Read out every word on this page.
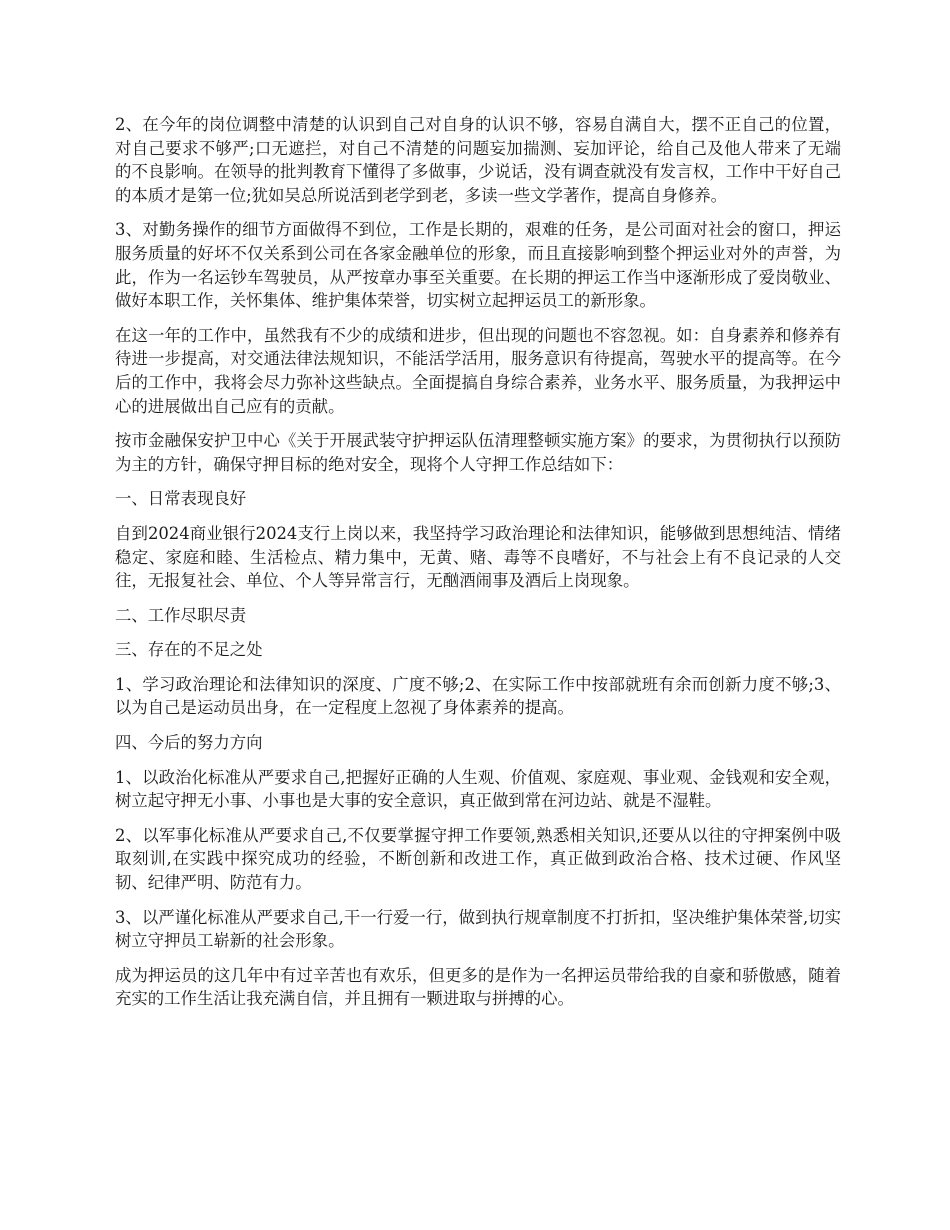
2、在今年的岗位调整中清楚的认识到自己对自身的认识不够，容易自满自大，摆不正自己的位置，对自己要求不够严;口无遮拦，对自己不清楚的问题妄加揣测、妄加评论，给自己及他人带来了无端的不良影响。在领导的批判教育下懂得了多做事，少说话，没有调查就没有发言权，工作中干好自己的本质才是第一位;犹如吴总所说活到老学到老，多读一些文学著作，提高自身修养。

3、对勤务操作的细节方面做得不到位，工作是长期的，艰难的任务，是公司面对社会的窗口，押运服务质量的好坏不仅关系到公司在各家金融单位的形象，而且直接影响到整个押运业对外的声誉，为此，作为一名运钞车驾驶员，从严按章办事至关重要。在长期的押运工作当中逐渐形成了爱岗敬业、做好本职工作，关怀集体、维护集体荣誉，切实树立起押运员工的新形象。

在这一年的工作中，虽然我有不少的成绩和进步，但出现的问题也不容忽视。如：自身素养和修养有待进一步提高，对交通法律法规知识，不能活学活用，服务意识有待提高，驾驶水平的提高等。在今后的工作中，我将会尽力弥补这些缺点。全面提搞自身综合素养，业务水平、服务质量，为我押运中心的进展做出自己应有的贡献。

按市金融保安护卫中心《关于开展武装守护押运队伍清理整顿实施方案》的要求，为贯彻执行以预防为主的方针，确保守押目标的绝对安全，现将个人守押工作总结如下：

一、日常表现良好

自到2024商业银行2024支行上岗以来，我坚持学习政治理论和法律知识，能够做到思想纯洁、情绪稳定、家庭和睦、生活检点、精力集中，无黄、赌、毒等不良嗜好，不与社会上有不良记录的人交往，无报复社会、单位、个人等异常言行，无酗酒闹事及酒后上岗现象。

二、工作尽职尽责

三、存在的不足之处

1、学习政治理论和法律知识的深度、广度不够;2、在实际工作中按部就班有余而创新力度不够;3、以为自己是运动员出身，在一定程度上忽视了身体素养的提高。

四、今后的努力方向

1、以政治化标准从严要求自己,把握好正确的人生观、价值观、家庭观、事业观、金钱观和安全观，树立起守押无小事、小事也是大事的安全意识，真正做到常在河边站、就是不湿鞋。

2、以军事化标准从严要求自己,不仅要掌握守押工作要领,熟悉相关知识,还要从以往的守押案例中吸取刻训,在实践中探究成功的经验，不断创新和改进工作，真正做到政治合格、技术过硬、作风坚韧、纪律严明、防范有力。

3、以严谨化标准从严要求自己,干一行爱一行，做到执行规章制度不打折扣，坚决维护集体荣誉,切实树立守押员工崭新的社会形象。

成为押运员的这几年中有过辛苦也有欢乐，但更多的是作为一名押运员带给我的自豪和骄傲感，随着充实的工作生活让我充满自信，并且拥有一颗进取与拼搏的心。
